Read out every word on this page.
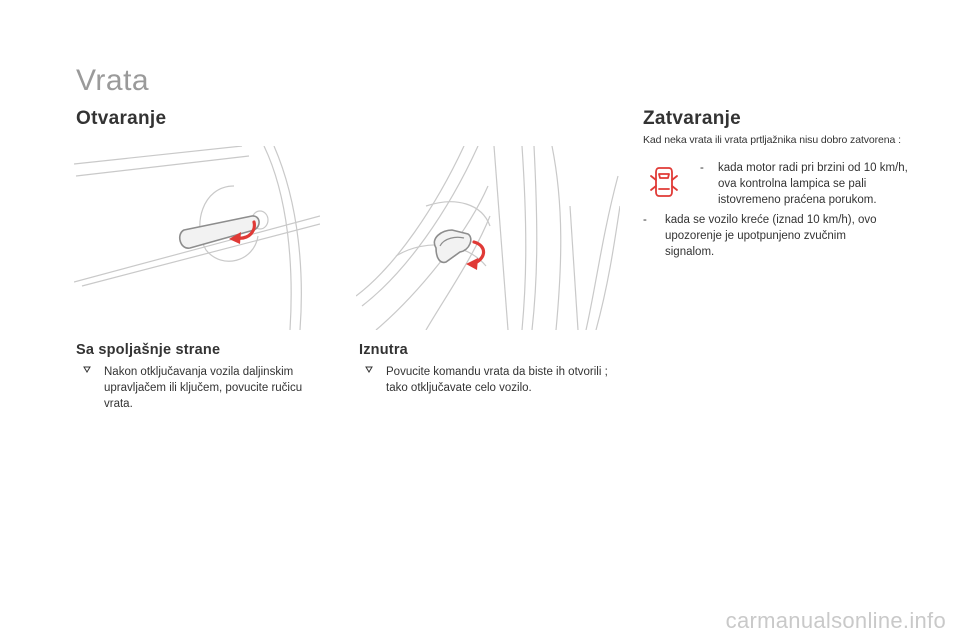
Vrata
Otvaranje
Sa spoljašnje strane
Nakon otključavanja vozila daljinskim upravljačem ili ključem, povucite ručicu vrata.
Iznutra
Povucite komandu vrata da biste ih otvorili ; tako otključavate celo vozilo.
Zatvaranje
Kad neka vrata ili vrata prtljažnika nisu dobro zatvorena :
-	kada motor radi pri brzini od 10 km/h, ova kontrolna lampica se pali istovremeno praćena porukom.
-	kada se vozilo kreće (iznad 10 km/h), ovo upozorenje je upotpunjeno zvučnim signalom.
carmanualsonline.info
